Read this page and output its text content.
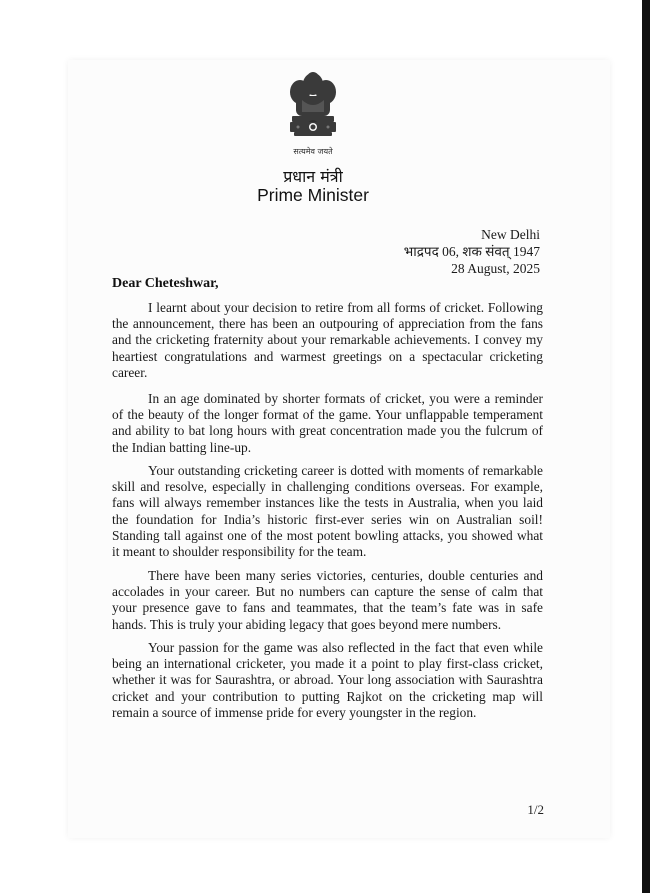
सत्यमेव जयते
प्रधान मंत्री
Prime Minister
New Delhi
भाद्रपद 06, शक संवत् 1947
28 August, 2025
Dear Cheteshwar,
I learnt about your decision to retire from all forms of cricket. Following the announcement, there has been an outpouring of appreciation from the fans and the cricketing fraternity about your remarkable achievements. I convey my heartiest congratulations and warmest greetings on a spectacular cricketing career.
In an age dominated by shorter formats of cricket, you were a reminder of the beauty of the longer format of the game. Your unflappable temperament and ability to bat long hours with great concentration made you the fulcrum of the Indian batting line-up.
Your outstanding cricketing career is dotted with moments of remarkable skill and resolve, especially in challenging conditions overseas. For example, fans will always remember instances like the tests in Australia, when you laid the foundation for India’s historic first-ever series win on Australian soil! Standing tall against one of the most potent bowling attacks, you showed what it meant to shoulder responsibility for the team.
There have been many series victories, centuries, double centuries and accolades in your career. But no numbers can capture the sense of calm that your presence gave to fans and teammates, that the team’s fate was in safe hands. This is truly your abiding legacy that goes beyond mere numbers.
Your passion for the game was also reflected in the fact that even while being an international cricketer, you made it a point to play first-class cricket, whether it was for Saurashtra, or abroad. Your long association with Saurashtra cricket and your contribution to putting Rajkot on the cricketing map will remain a source of immense pride for every youngster in the region.
1/2
